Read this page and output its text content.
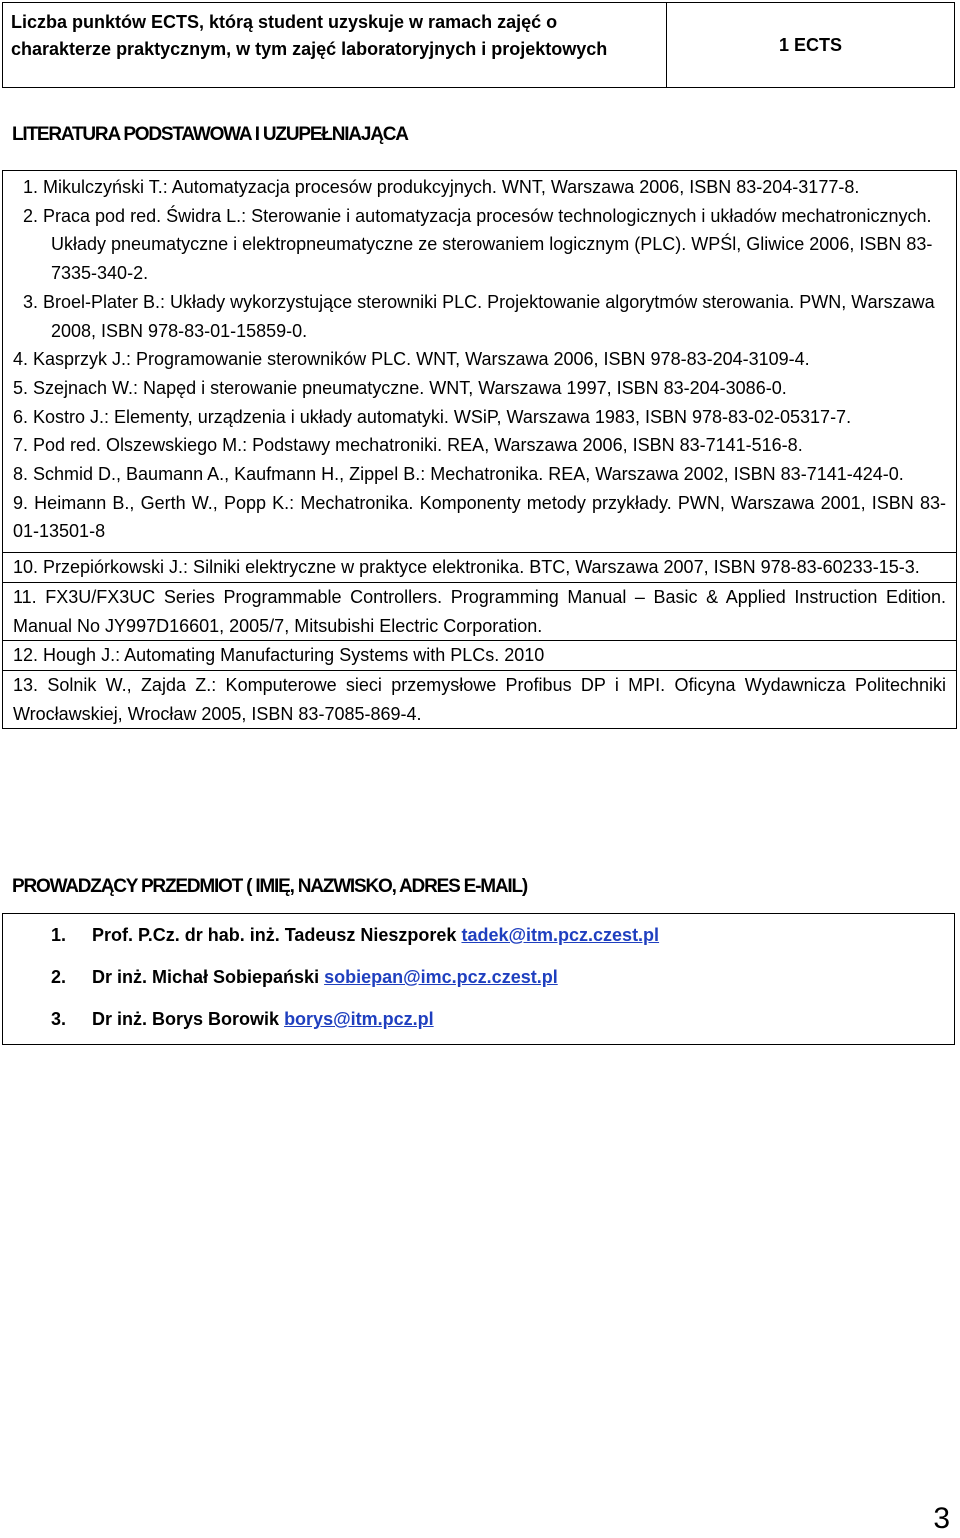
Liczba punktów ECTS, którą student uzyskuje w ramach zajęć o charakterze praktycznym, w tym zajęć laboratoryjnych i projektowych	1 ECTS
LITERATURA PODSTAWOWA I UZUPEŁNIAJĄCA
1. Mikulczyński T.: Automatyzacja procesów produkcyjnych. WNT, Warszawa 2006, ISBN 83-204-3177-8.
2. Praca pod red. Świdra L.: Sterowanie i automatyzacja procesów technologicznych i układów mechatronicznych. Układy pneumatyczne i elektropneumatyczne ze sterowaniem logicznym (PLC). WPŚl, Gliwice 2006, ISBN 83-7335-340-2.
3. Broel-Plater B.: Układy wykorzystujące sterowniki PLC. Projektowanie algorytmów sterowania. PWN, Warszawa 2008, ISBN 978-83-01-15859-0.
4. Kasprzyk J.: Programowanie sterowników PLC. WNT, Warszawa 2006, ISBN 978-83-204-3109-4.
5. Szejnach W.: Napęd i sterowanie pneumatyczne. WNT, Warszawa 1997, ISBN 83-204-3086-0.
6. Kostro J.: Elementy, urządzenia i układy automatyki. WSiP, Warszawa 1983, ISBN 978-83-02-05317-7.
7. Pod red. Olszewskiego M.: Podstawy mechatroniki. REA, Warszawa 2006, ISBN 83-7141-516-8.
8. Schmid D., Baumann A., Kaufmann H., Zippel B.: Mechatronika. REA, Warszawa 2002, ISBN 83-7141-424-0.
9. Heimann B., Gerth W., Popp K.: Mechatronika. Komponenty metody przykłady. PWN, Warszawa 2001, ISBN 83-01-13501-8
10. Przepiórkowski J.: Silniki elektryczne w praktyce elektronika. BTC, Warszawa 2007, ISBN 978-83-60233-15-3.
11. FX3U/FX3UC Series Programmable Controllers. Programming Manual – Basic & Applied Instruction Edition. Manual No JY997D16601, 2005/7, Mitsubishi Electric Corporation.
12. Hough J.: Automating Manufacturing Systems with PLCs. 2010
13. Solnik W., Zajda Z.: Komputerowe sieci przemysłowe Profibus DP i MPI. Oficyna Wydawnicza Politechniki Wrocławskiej, Wrocław 2005, ISBN 83-7085-869-4.
PROWADZĄCY PRZEDMIOT ( IMIĘ, NAZWISKO, ADRES E-MAIL)
1. Prof. P.Cz. dr hab. inż. Tadeusz Nieszporek tadek@itm.pcz.czest.pl
2. Dr inż. Michał Sobiepański sobiepan@imc.pcz.czest.pl
3. Dr inż. Borys Borowik borys@itm.pcz.pl
3
